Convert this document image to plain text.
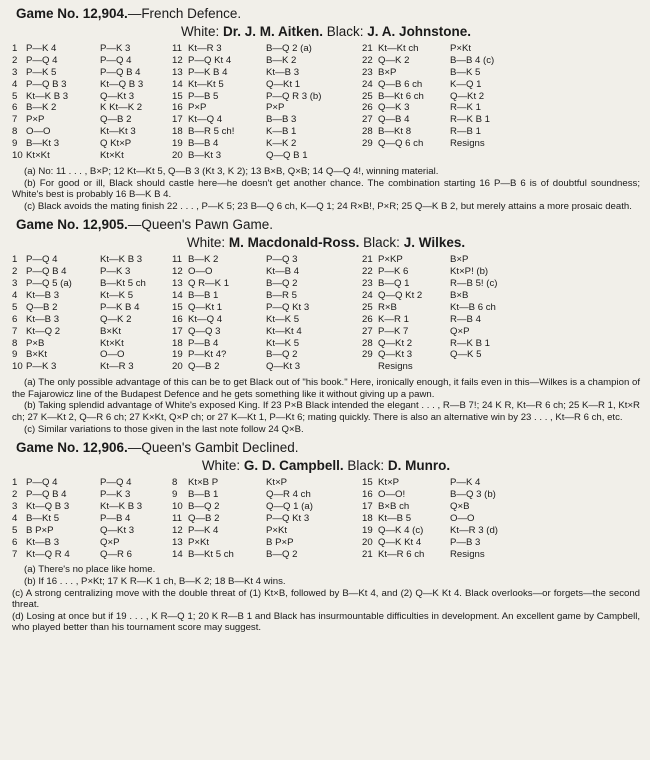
Game No. 12,904.—French Defence.
White: Dr. J. M. Aitken. Black: J. A. Johnstone.
1 P—K 4	P—K 3
2 P—Q 4	P—Q 4
3 P—K 5	P—Q B 4
4 P—Q B 3	Kt—Q B 3
5 Kt—K B 3	Q—Kt 3
6 B—K 2	K Kt—K 2
7 P×P	Q—B 2
8 O—O	Kt—Kt 3
9 B—Kt 3	Q Kt×P
10 Kt×Kt	Kt×Kt
11 Kt—R 3	B—Q 2 (a)
12 P—Q Kt 4	B—K 2
13 P—K B 4	Kt—B 3
14 Kt—Kt 5	Q—Kt 1
15 P—B 5	P—Q R 3 (b)
16 P×P	P×P
17 Kt—Q 4	B—B 3
18 B—R 5 ch!	K—B 1
19 B—B 4	K—K 2
20 B—Kt 3	Q—Q B 1
21 Kt—Kt ch	P×Kt
22 Q—K 2	B—B 4 (c)
23 B×P	B—K 5
24 Q—B 6 ch	K—Q 1
25 B—Kt 6 ch	Q—Kt 2
26 Q—K 3	R—K 1
27 Q—B 4	R—K B 1
28 B—Kt 8	R—B 1
29 Q—Q 6 ch	Resigns

(a) No: 11 . . . , B×P; 12 Kt—Kt 5, Q—B 3 (Kt 3, K 2); 13 B×B, Q×B; 14 Q—Q 4!, winning material.

(b) For good or ill, Black should castle here—he doesn't get another chance. The combination starting 16 P—B 6 is of doubtful soundness; White's best is probably 16 B—K B 4.

(c) Black avoids the mating finish 22 . . . , P—K 5; 23 B—Q 6 ch, K—Q 1; 24 R×B!, P×R; 25 Q—K B 2, but merely attains a more prosaic death.

Game No. 12,905.—Queen's Pawn Game.
White: M. Macdonald-Ross. Black: J. Wilkes.
1 P—Q 4	Kt—K B 3
2 P—Q B 4	P—K 3
3 P—Q 5 (a)	B—Kt 5 ch
4 Kt—B 3	Kt—K 5
5 Q—B 2	P—K B 4
6 Kt—B 3	Q—K 2
7 Kt—Q 2	B×Kt
8 P×B	Kt×Kt
9 B×Kt	O—O
10 P—K 3	Kt—R 3
11 B—K 2	P—Q 3
12 O—O	Kt—B 4
13 Q R—K 1	B—Q 2
14 B—B 1	B—R 5
15 Q—Kt 1	P—Q Kt 3
16 Kt—Q 4	Kt—K 5
17 Q—Q 3	Kt—Kt 4
18 P—B 4	Kt—K 5
19 P—Kt 4?	B—Q 2
20 Q—B 2	Q—Kt 3
21 P×KP	B×P
22 P—K 6	Kt×P! (b)
23 B—Q 1	R—B 5! (c)
24 Q—Q Kt 2	B×B
25 R×B	Kt—B 6 ch
26 K—R 1	R—B 4
27 P—K 7	Q×P
28 Q—Kt 2	R—K B 1
29 Q—Kt 3	Q—K 5
Resigns

(a) The only possible advantage of this can be to get Black out of "his book." Here, ironically enough, it fails even in this—Wilkes is a champion of the Fajarowicz line of the Budapest Defence and he gets something like it without giving up a pawn.

(b) Taking splendid advantage of White's exposed King. If 23 P×B Black intended the elegant . . . , R—B 7!; 24 K R, Kt—R 6 ch; 25 K—R 1, Kt×R ch; 27 K—Kt 2, Q—R 6 ch; 27 K×Kt, Q×P ch; or 27 K—Kt 1, P—Kt 6; mating quickly. There is also an alternative win by 23 . . . , Kt—R 6 ch, etc.

(c) Similar variations to those given in the last note follow 24 Q×B.

Game No. 12,906.—Queen's Gambit Declined.
White: G. D. Campbell. Black: D. Munro.
1 P—Q 4	P—Q 4
2 P—Q B 4	P—K 3
3 Kt—Q B 3	Kt—K B 3
4 B—Kt 5	P—B 4
5 B P×P	Q—Kt 3
6 Kt—B 3	Q×P
7 Kt—Q R 4	Q—R 6
8 Kt×B P	Kt×P
9 B—B 1	Q—R 4 ch
10 B—Q 2	Q—Q 1 (a)
11 Q—B 2	P—Q Kt 3
12 P—K 4	P×Kt
13 P×Kt	B P×P
14 B—Kt 5 ch	B—Q 2
15 Kt×P	P—K 4
16 O—O!	B—Q 3 (b)
17 B×B ch	Q×B
18 Kt—B 5	O—O
19 Q—K 4 (c)	Kt—R 3 (d)
20 Q—K Kt 4	P—B 3
21 Kt—R 6 ch	Resigns

(a) There's no place like home.

(b) If 16 . . . , P×Kt; 17 K R—K 1 ch, B—K 2; 18 B—Kt 4 wins.

(c) A strong centralizing move with the double threat of (1) Kt×B, followed by B—Kt 4, and (2) Q—K Kt 4. Black overlooks—or forgets—the second threat.

(d) Losing at once but if 19 . . . , K R—Q 1; 20 K R—B 1 and Black has insurmountable difficulties in development. An excellent game by Campbell, who played better than his tournament score may suggest.
